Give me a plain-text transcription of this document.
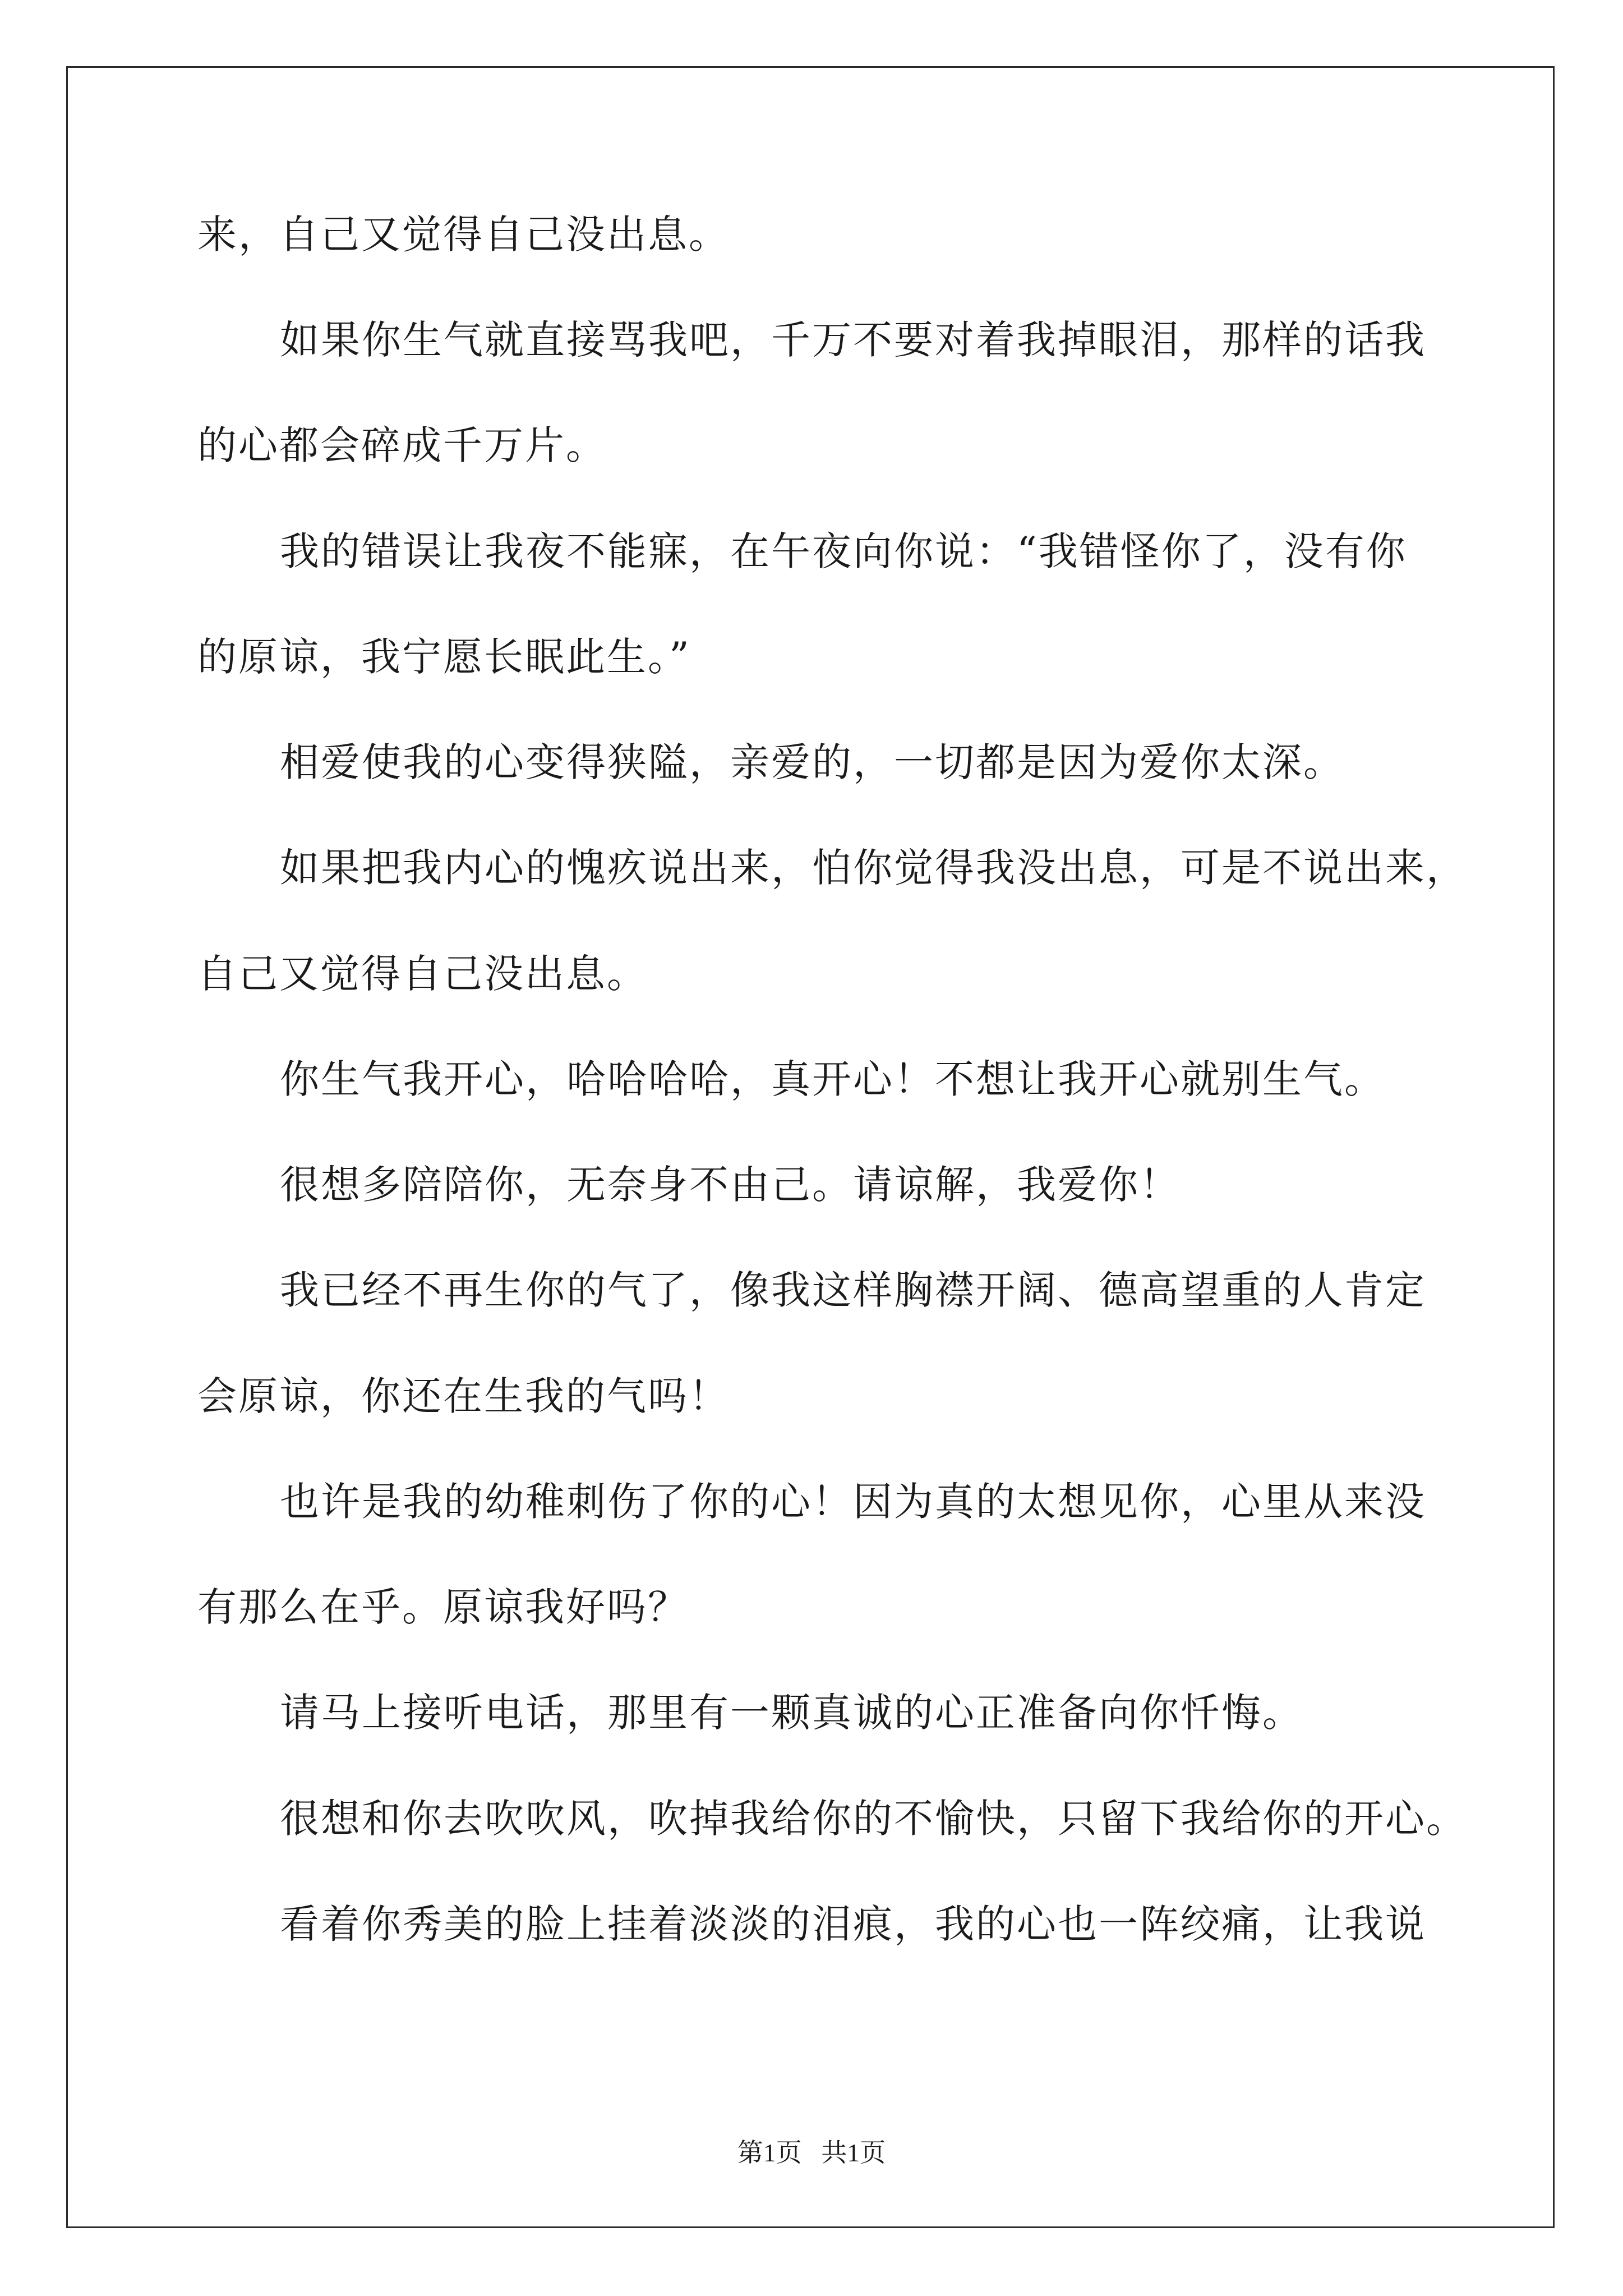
来，自己又觉得自己没出息。
如果你生气就直接骂我吧，千万不要对着我掉眼泪，那样的话我
的心都会碎成千万片。
我的错误让我夜不能寐，在午夜向你说：“我错怪你了，没有你
的原谅，我宁愿长眠此生。”
相爱使我的心变得狭隘，亲爱的，一切都是因为爱你太深。
如果把我内心的愧疚说出来，怕你觉得我没出息，可是不说出来，
自己又觉得自己没出息。
你生气我开心，哈哈哈哈，真开心！不想让我开心就别生气。
很想多陪陪你，无奈身不由己。请谅解，我爱你！
我已经不再生你的气了，像我这样胸襟开阔、德高望重的人肯定
会原谅，你还在生我的气吗！
也许是我的幼稚刺伤了你的心！因为真的太想见你，心里从来没
有那么在乎。原谅我好吗？
请马上接听电话，那里有一颗真诚的心正准备向你忏悔。
很想和你去吹吹风，吹掉我给你的不愉快，只留下我给你的开心。
看着你秀美的脸上挂着淡淡的泪痕，我的心也一阵绞痛，让我说
第1页   共1页
